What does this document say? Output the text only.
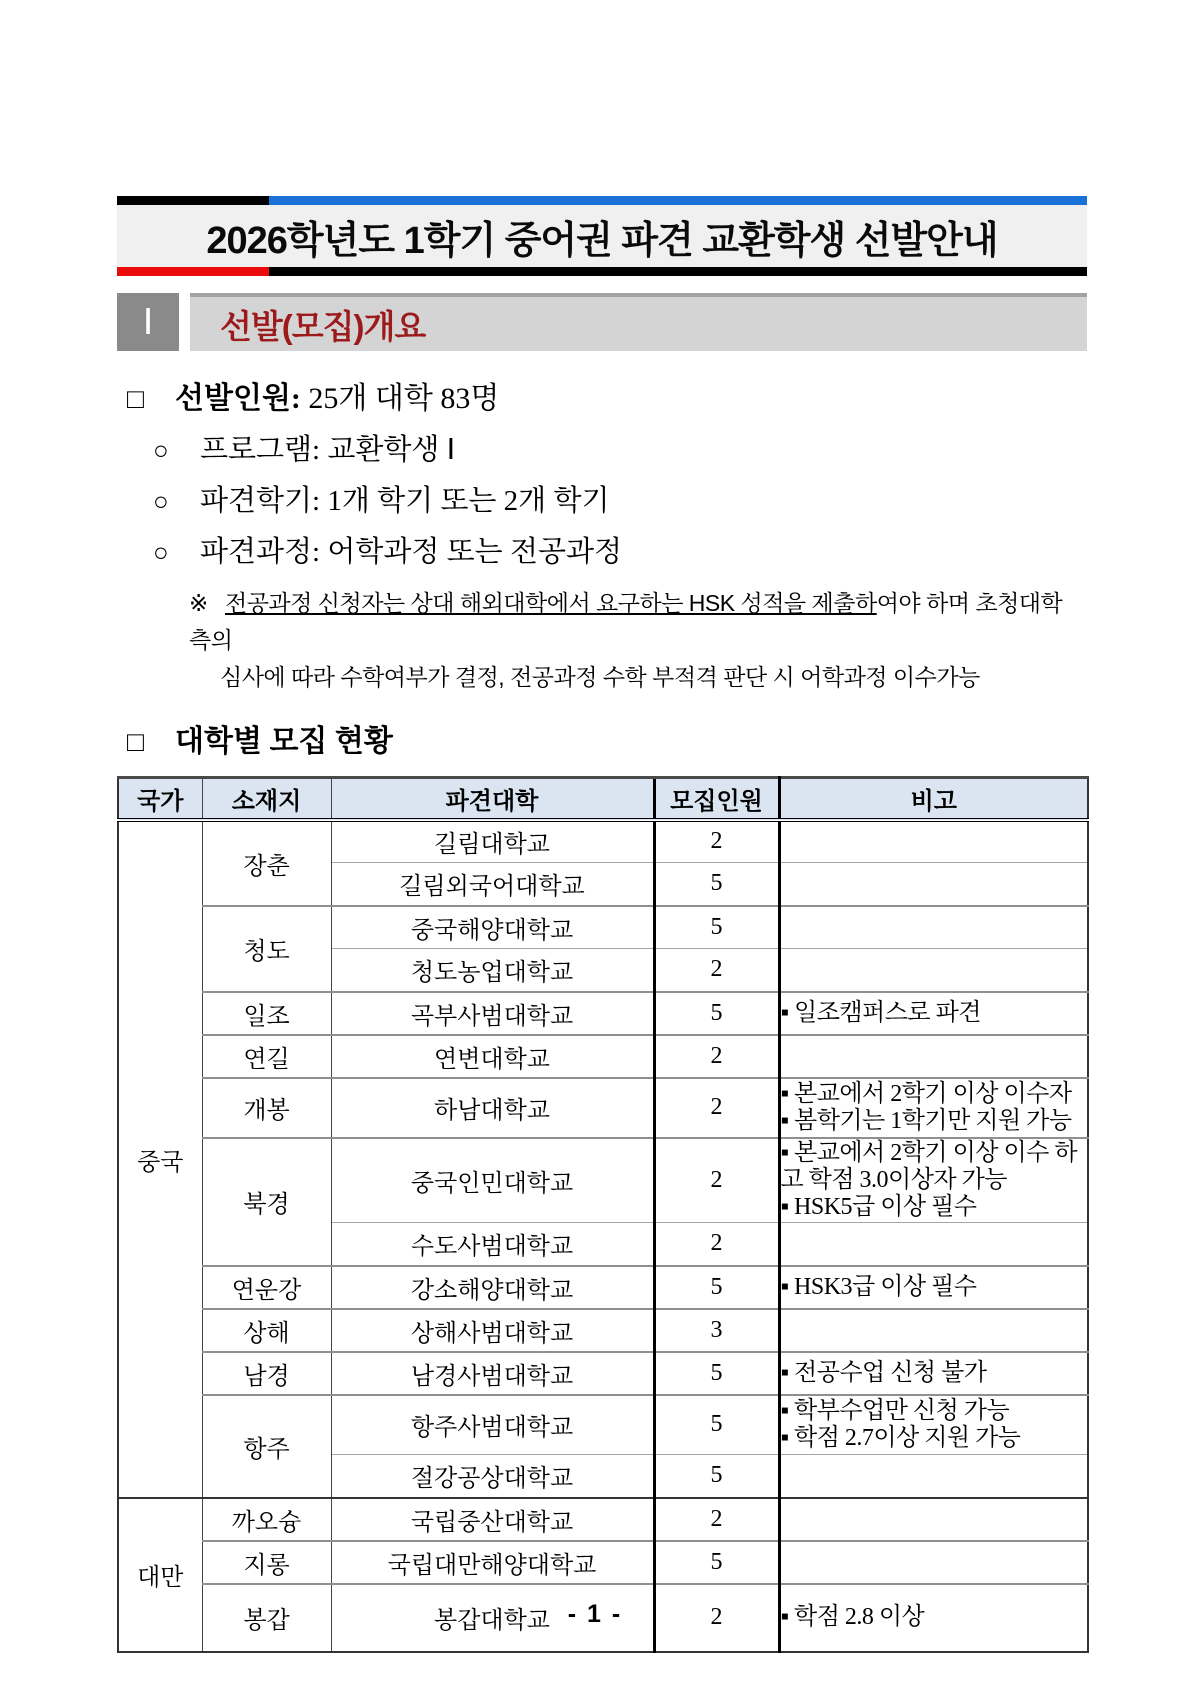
2026학년도 1학기 중어권 파견 교환학생 선발안내
Ⅰ	선발(모집)개요
□ 선발인원: 25개 대학 83명
○ 프로그램: 교환학생 Ⅰ
○ 파견학기: 1개 학기 또는 2개 학기
○ 파견과정: 어학과정 또는 전공과정
※ 전공과정 신청자는 상대 해외대학에서 요구하는 HSK 성적을 제출하여야 하며 초청대학 측의
심사에 따라 수학여부가 결정, 전공과정 수학 부적격 판단 시 어학과정 이수가능
□ 대학별 모집 현황
국가	소재지	파견대학	모집인원	비고
중국	장춘	길림대학교	2	

		길림외국어대학교	5	

	청도	중국해양대학교	5	

		청도농업대학교	2	

	일조	곡부사범대학교	5	▪ 일조캠퍼스로 파견

	연길	연변대학교	2	

	개봉	하남대학교	2	▪ 본교에서 2학기 이상 이수자
▪ 봄학기는 1학기만 지원 가능

	북경	중국인민대학교	2	▪ 본교에서 2학기 이상 이수 하고 학점 3.0이상자 가능
▪ HSK5급 이상 필수

		수도사범대학교	2	

	연운강	강소해양대학교	5	▪ HSK3급 이상 필수

	상해	상해사범대학교	3	

	남경	남경사범대학교	5	▪ 전공수업 신청 불가

	항주	항주사범대학교	5	▪ 학부수업만 신청 가능
▪ 학점 2.7이상 지원 가능

		절강공상대학교	5	

대만	까오슝	국립중산대학교	2	

	지롱	국립대만해양대학교	5	

	봉갑	봉갑대학교	2	▪ 학점 2.8 이상
- 1 -
